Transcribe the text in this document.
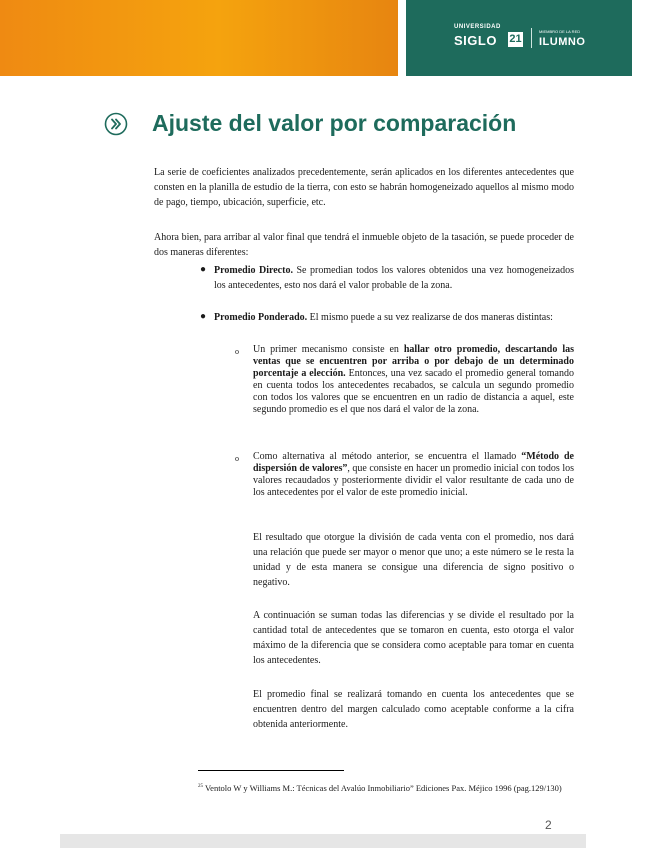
UNIVERSIDAD
SIGLO 21
MIEMBRO DE LA RED
ILUMNO
Ajuste del valor por comparación

La serie de coeficientes analizados precedentemente, serán aplicados en los diferentes antecedentes que consten en la planilla de estudio de la tierra, con esto se habrán homogeneizado aquellos al mismo modo de pago, tiempo, ubicación, superficie, etc.

Ahora bien, para arribar al valor final que tendrá el inmueble objeto de la tasación, se puede proceder de dos maneras diferentes:

● Promedio Directo. Se promedian todos los valores obtenidos una vez homogeneizados los antecedentes, esto nos dará el valor probable de la zona.

● Promedio Ponderado. El mismo puede a su vez realizarse de dos maneras distintas:

o Un primer mecanismo consiste en hallar otro promedio, descartando las ventas que se encuentren por arriba o por debajo de un determinado porcentaje a elección. Entonces, una vez sacado el promedio general tomando en cuenta todos los antecedentes recabados, se calcula un segundo promedio con todos los valores que se encuentren en un radio de distancia a aquel, este segundo promedio es el que nos dará el valor de la zona.

o Como alternativa al método anterior, se encuentra el llamado “Método de dispersión de valores”, que consiste en hacer un promedio inicial con todos los valores recaudados y posteriormente dividir el valor resultante de cada uno de los antecedentes por el valor de este promedio inicial.

El resultado que otorgue la división de cada venta con el promedio, nos dará una relación que puede ser mayor o menor que uno; a este número se le resta la unidad y de esta manera se consigue una diferencia de signo positivo o negativo.

A continuación se suman todas las diferencias y se divide el resultado por la cantidad total de antecedentes que se tomaron en cuenta, esto otorga el valor máximo de la diferencia que se considera como aceptable para tomar en cuenta los antecedentes.

El promedio final se realizará tomando en cuenta los antecedentes que se encuentren dentro del margen calculado como aceptable conforme a la cifra obtenida anteriormente.

$^{25}$ Ventolo W y Williams M.: Técnicas del Avalúo Inmobiliario” Ediciones Pax. Méjico 1996 (pag.129/130)

2
